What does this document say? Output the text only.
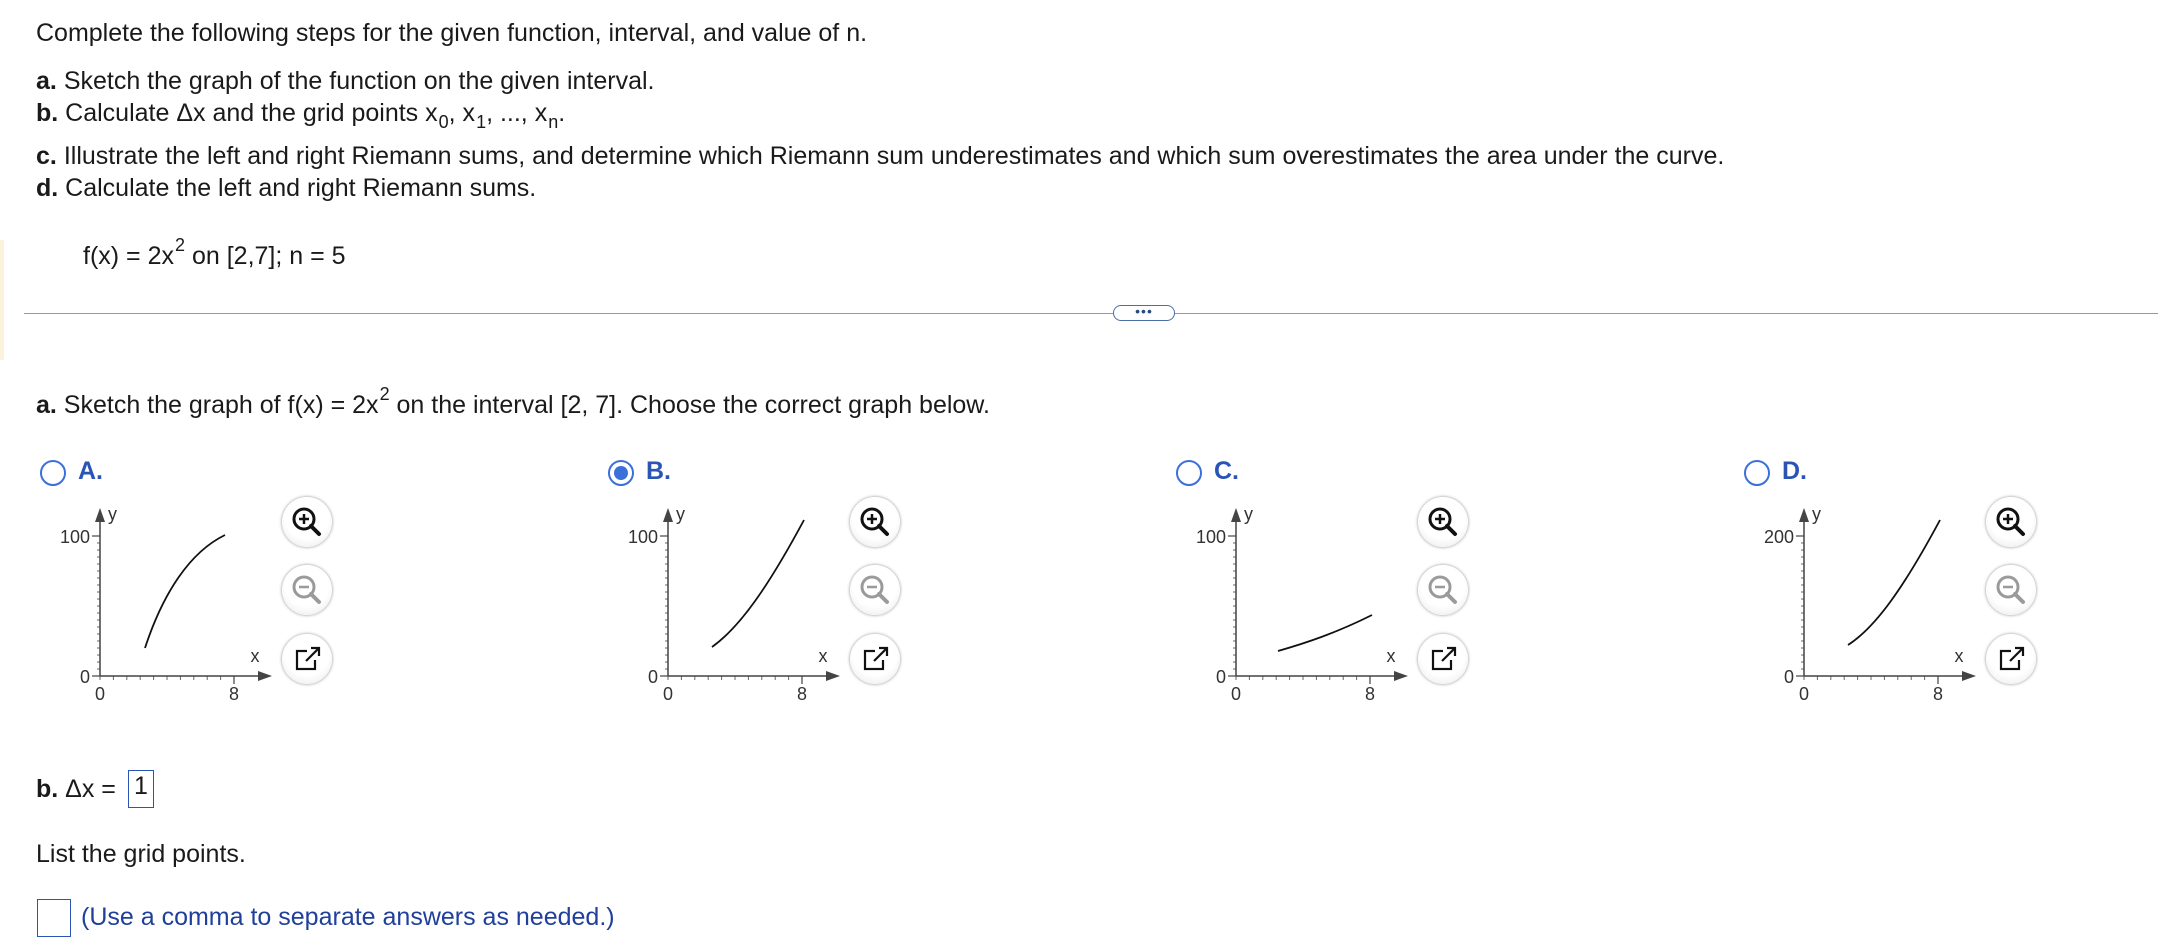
Complete the following steps for the given function, interval, and value of n.
a. Sketch the graph of the function on the given interval.
b. Calculate Δx and the grid points $x_0$, $x_1$, ..., $x_n$.
c. Illustrate the left and right Riemann sums, and determine which Riemann sum underestimates and which sum overestimates the area under the curve.
d. Calculate the left and right Riemann sums.
$f(x) = 2x^2$ on [2,7]; n = 5
•••
a. Sketch the graph of $f(x) = 2x^2$ on the interval [2, 7]. Choose the correct graph below.
A.
100
y
0
0	8
x
B.
100
y
0
0	8
x
C.
100
y
0
0	8
x
D.
200
y
0
0	8
x
b. Δx = 1
List the grid points.
(Use a comma to separate answers as needed.)
